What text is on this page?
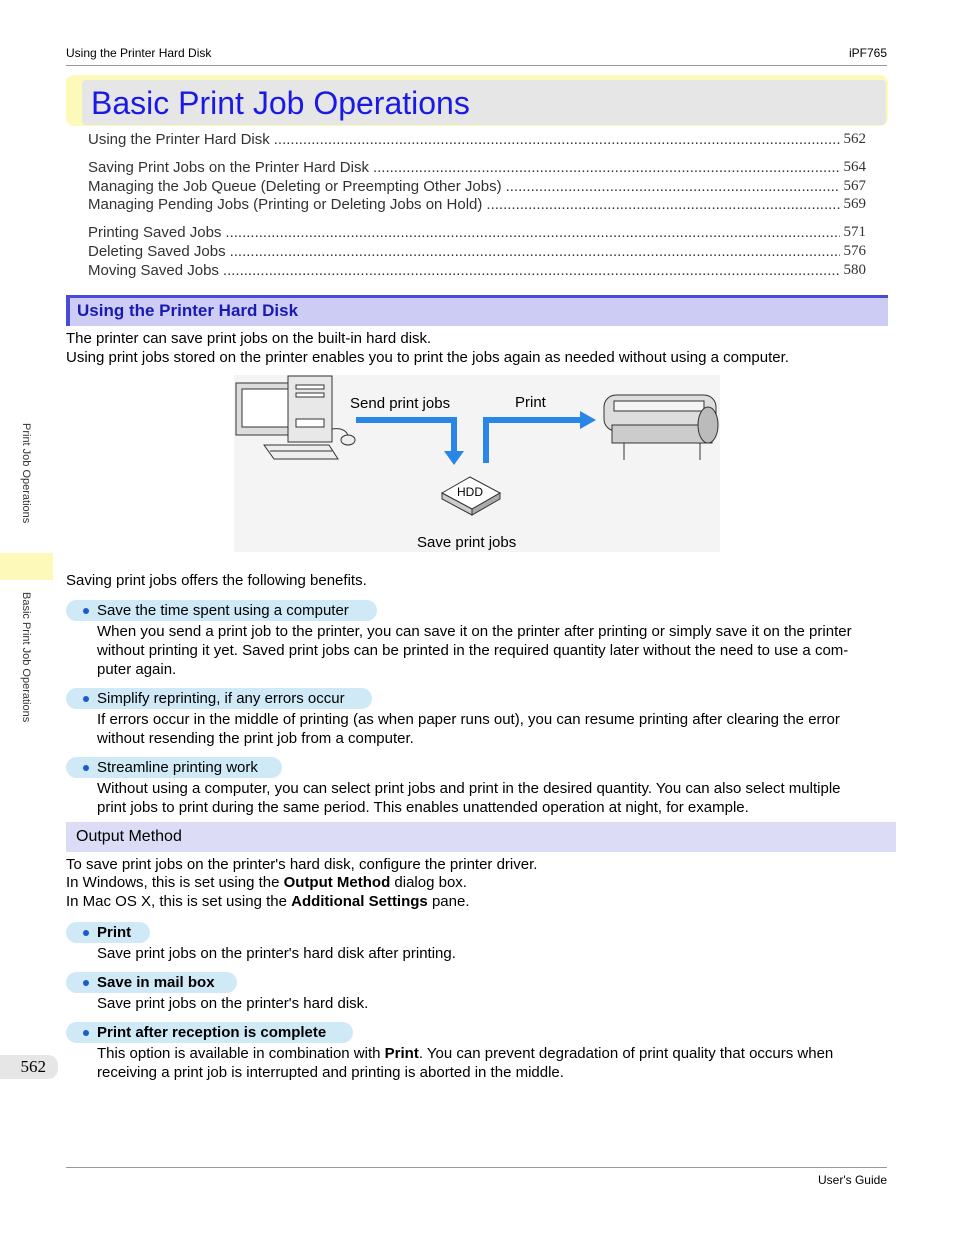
Using the Printer Hard Disk	iPF765
Basic Print Job Operations
Using the Printer Hard Disk .....	562
Saving Print Jobs on the Printer Hard Disk .....	564
Managing the Job Queue (Deleting or Preempting Other Jobs) .....	567
Managing Pending Jobs (Printing or Deleting Jobs on Hold) .....	569
Printing Saved Jobs .....	571
Deleting Saved Jobs .....	576
Moving Saved Jobs .....	580
Using the Printer Hard Disk
The printer can save print jobs on the built-in hard disk.
Using print jobs stored on the printer enables you to print the jobs again as needed without using a computer.
Send print jobs	Print
HDD
Save print jobs
Saving print jobs offers the following benefits.
Save the time spent using a computer
When you send a print job to the printer, you can save it on the printer after printing or simply save it on the printer
without printing it yet. Saved print jobs can be printed in the required quantity later without the need to use a com-
puter again.
Simplify reprinting, if any errors occur
If errors occur in the middle of printing (as when paper runs out), you can resume printing after clearing the error
without resending the print job from a computer.
Streamline printing work
Without using a computer, you can select print jobs and print in the desired quantity. You can also select multiple
print jobs to print during the same period. This enables unattended operation at night, for example.
Output Method
To save print jobs on the printer's hard disk, configure the printer driver.
In Windows, this is set using the Output Method dialog box.
In Mac OS X, this is set using the Additional Settings pane.
Print
Save print jobs on the printer's hard disk after printing.
Save in mail box
Save print jobs on the printer's hard disk.
Print after reception is complete
This option is available in combination with Print. You can prevent degradation of print quality that occurs when
receiving a print job is interrupted and printing is aborted in the middle.
Print Job Operations
Basic Print Job Operations
562
User's Guide
